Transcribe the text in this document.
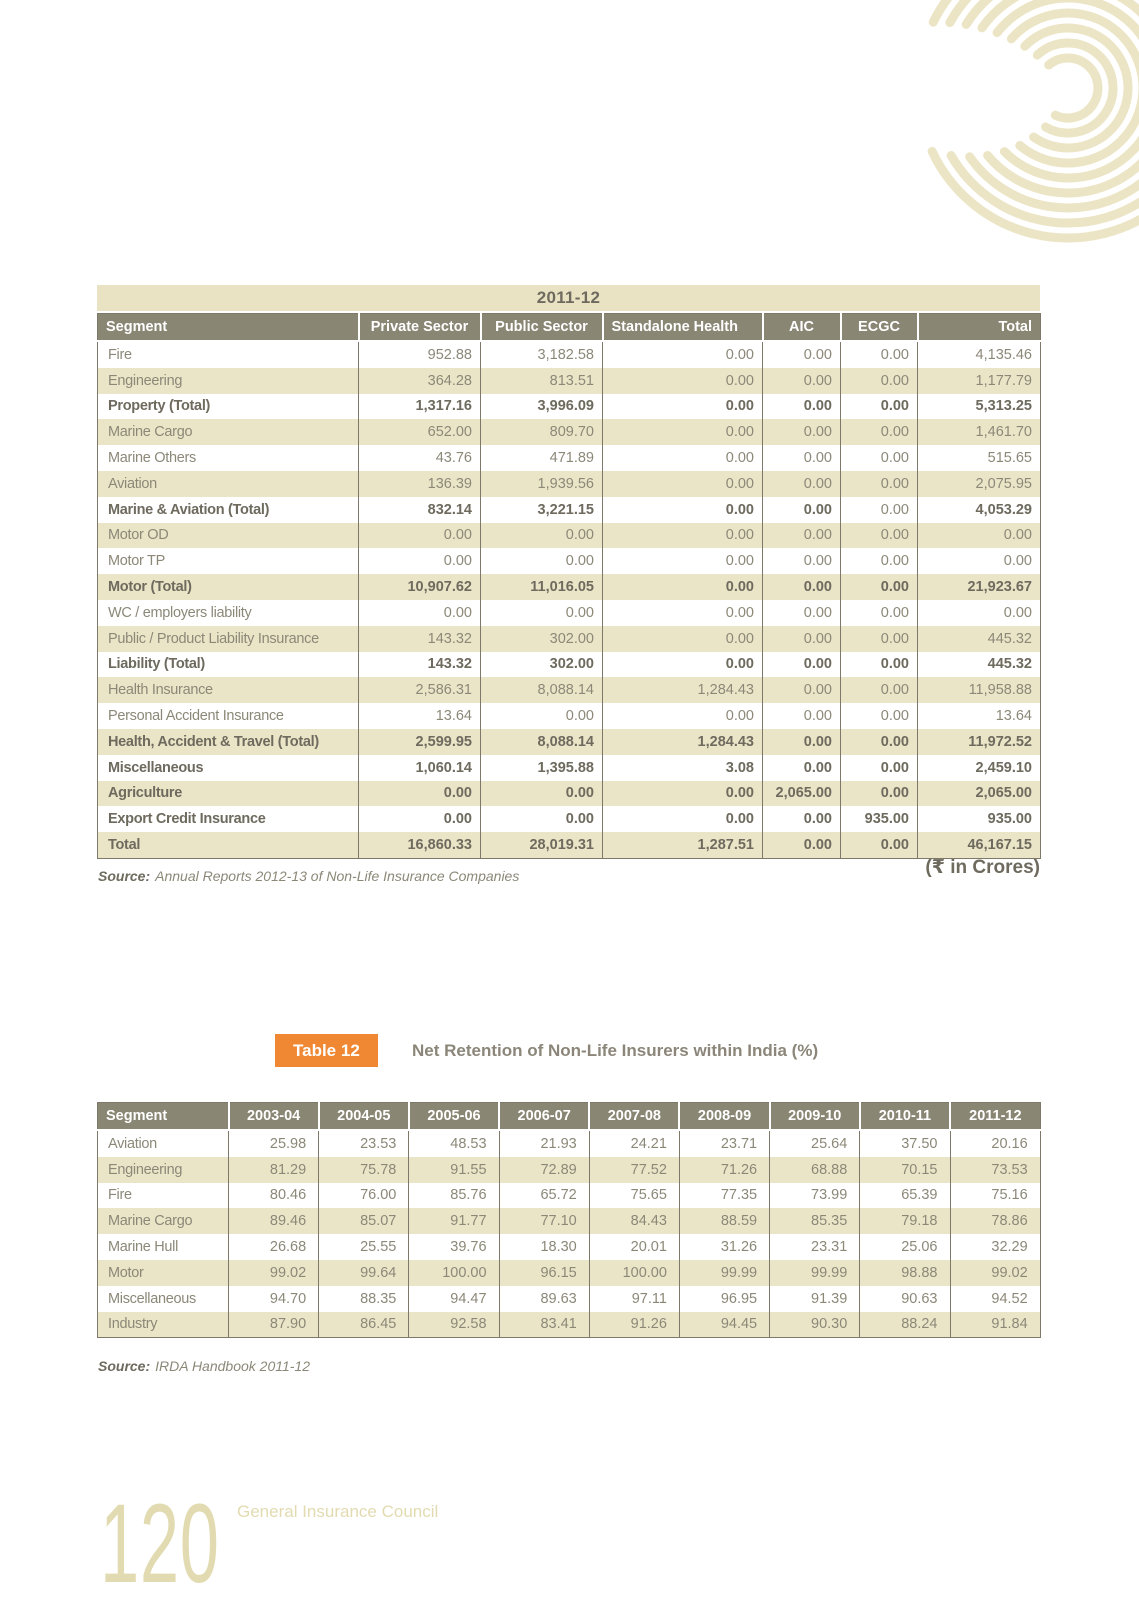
2011-12
Segment	Private Sector	Public Sector	Standalone Health	AIC	ECGC	Total
Fire	952.88	3,182.58	0.00	0.00	0.00	4,135.46
Engineering	364.28	813.51	0.00	0.00	0.00	1,177.79
Property (Total)	1,317.16	3,996.09	0.00	0.00	0.00	5,313.25
Marine Cargo	652.00	809.70	0.00	0.00	0.00	1,461.70
Marine Others	43.76	471.89	0.00	0.00	0.00	515.65
Aviation	136.39	1,939.56	0.00	0.00	0.00	2,075.95
Marine & Aviation (Total)	832.14	3,221.15	0.00	0.00	0.00	4,053.29
Motor OD	0.00	0.00	0.00	0.00	0.00	0.00
Motor TP	0.00	0.00	0.00	0.00	0.00	0.00
Motor (Total)	10,907.62	11,016.05	0.00	0.00	0.00	21,923.67
WC / employers liability	0.00	0.00	0.00	0.00	0.00	0.00
Public / Product Liability Insurance	143.32	302.00	0.00	0.00	0.00	445.32
Liability (Total)	143.32	302.00	0.00	0.00	0.00	445.32
Health Insurance	2,586.31	8,088.14	1,284.43	0.00	0.00	11,958.88
Personal Accident Insurance	13.64	0.00	0.00	0.00	0.00	13.64
Health, Accident & Travel (Total)	2,599.95	8,088.14	1,284.43	0.00	0.00	11,972.52
Miscellaneous	1,060.14	1,395.88	3.08	0.00	0.00	2,459.10
Agriculture	0.00	0.00	0.00	2,065.00	0.00	2,065.00
Export Credit Insurance	0.00	0.00	0.00	0.00	935.00	935.00
Total	16,860.33	28,019.31	1,287.51	0.00	0.00	46,167.15

Source: Annual Reports 2012-13 of Non-Life Insurance Companies	(₹ in Crores)
Table 12	Net Retention of Non-Life Insurers within India (%)
Segment	2003-04	2004-05	2005-06	2006-07	2007-08	2008-09	2009-10	2010-11	2011-12
Aviation	25.98	23.53	48.53	21.93	24.21	23.71	25.64	37.50	20.16
Engineering	81.29	75.78	91.55	72.89	77.52	71.26	68.88	70.15	73.53
Fire	80.46	76.00	85.76	65.72	75.65	77.35	73.99	65.39	75.16
Marine Cargo	89.46	85.07	91.77	77.10	84.43	88.59	85.35	79.18	78.86
Marine Hull	26.68	25.55	39.76	18.30	20.01	31.26	23.31	25.06	32.29
Motor	99.02	99.64	100.00	96.15	100.00	99.99	99.99	98.88	99.02
Miscellaneous	94.70	88.35	94.47	89.63	97.11	96.95	91.39	90.63	94.52
Industry	87.90	86.45	92.58	83.41	91.26	94.45	90.30	88.24	91.84

Source: IRDA Handbook 2011-12

120 General Insurance Council
